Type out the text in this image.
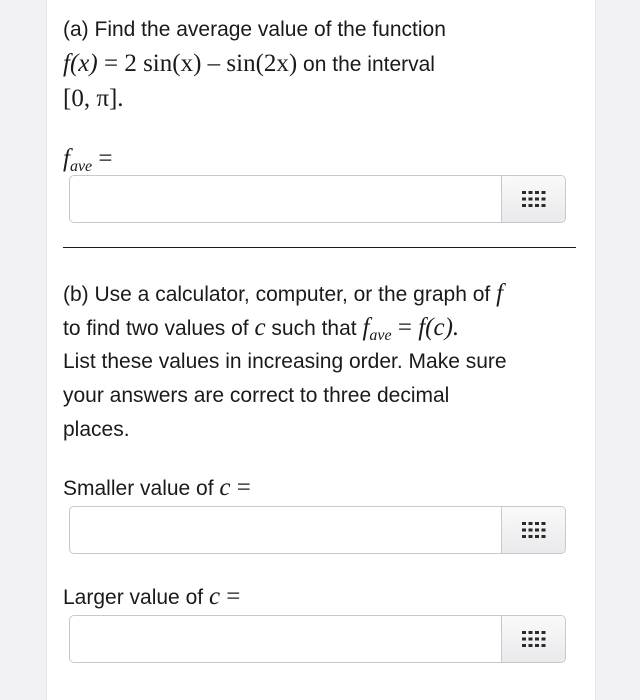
(a) Find the average value of the function
f(x) = 2 sin(x) – sin(2x) on the interval
[0, π].
$f_{ave}$ =
(b) Use a calculator, computer, or the graph of f
to find two values of c such that $f_{ave} = f(c)$.
List these values in increasing order. Make sure
your answers are correct to three decimal
places.
Smaller value of c =
Larger value of c =
